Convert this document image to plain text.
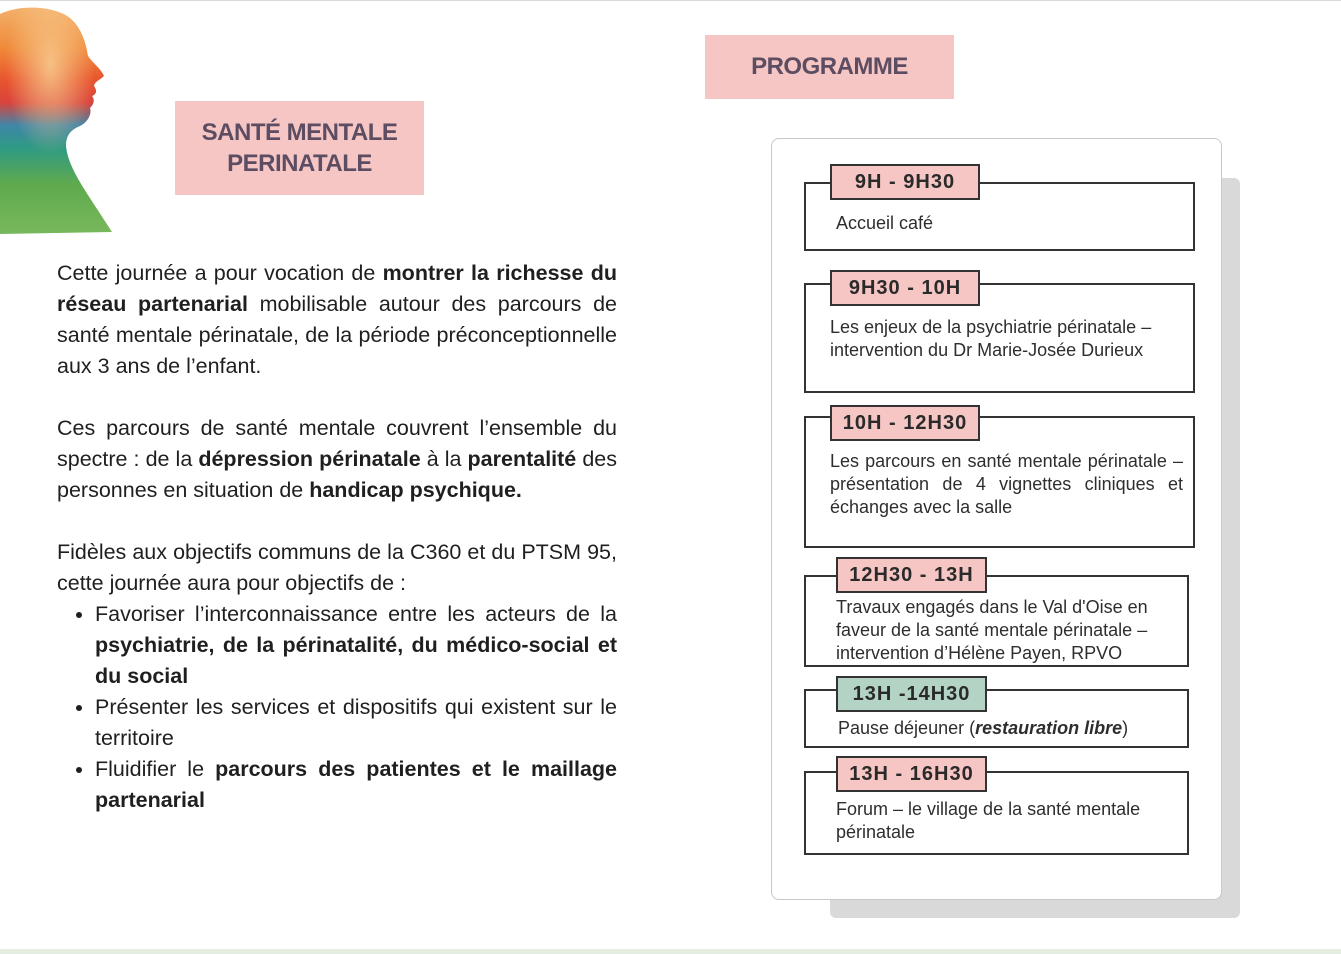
SANTÉ MENTALE
PERINATALE
PROGRAMME

Cette journée a pour vocation de montrer la richesse du réseau partenarial mobilisable autour des parcours de santé mentale périnatale, de la période préconceptionnelle aux 3 ans de l’enfant.

Ces parcours de santé mentale couvrent l’ensemble du spectre : de la dépression périnatale à la parentalité des personnes en situation de handicap psychique.

Fidèles aux objectifs communs de la C360 et du PTSM 95, cette journée aura pour objectifs de :

• Favoriser l’interconnaissance entre les acteurs de la psychiatrie, de la périnatalité, du médico-social et du social
• Présenter les services et dispositifs qui existent sur le territoire
• Fluidifier le parcours des patientes et le maillage partenarial
9H - 9H30
Accueil café
9H30 - 10H
Les enjeux de la psychiatrie périnatale – intervention du Dr Marie-Josée Durieux
10H - 12H30
Les parcours en santé mentale périnatale – présentation de 4 vignettes cliniques et échanges avec la salle
12H30 - 13H
Travaux engagés dans le Val d'Oise en faveur de la santé mentale périnatale – intervention d’Hélène Payen, RPVO
13H -14H30
Pause déjeuner (restauration libre)
13H - 16H30
Forum – le village de la santé mentale périnatale
